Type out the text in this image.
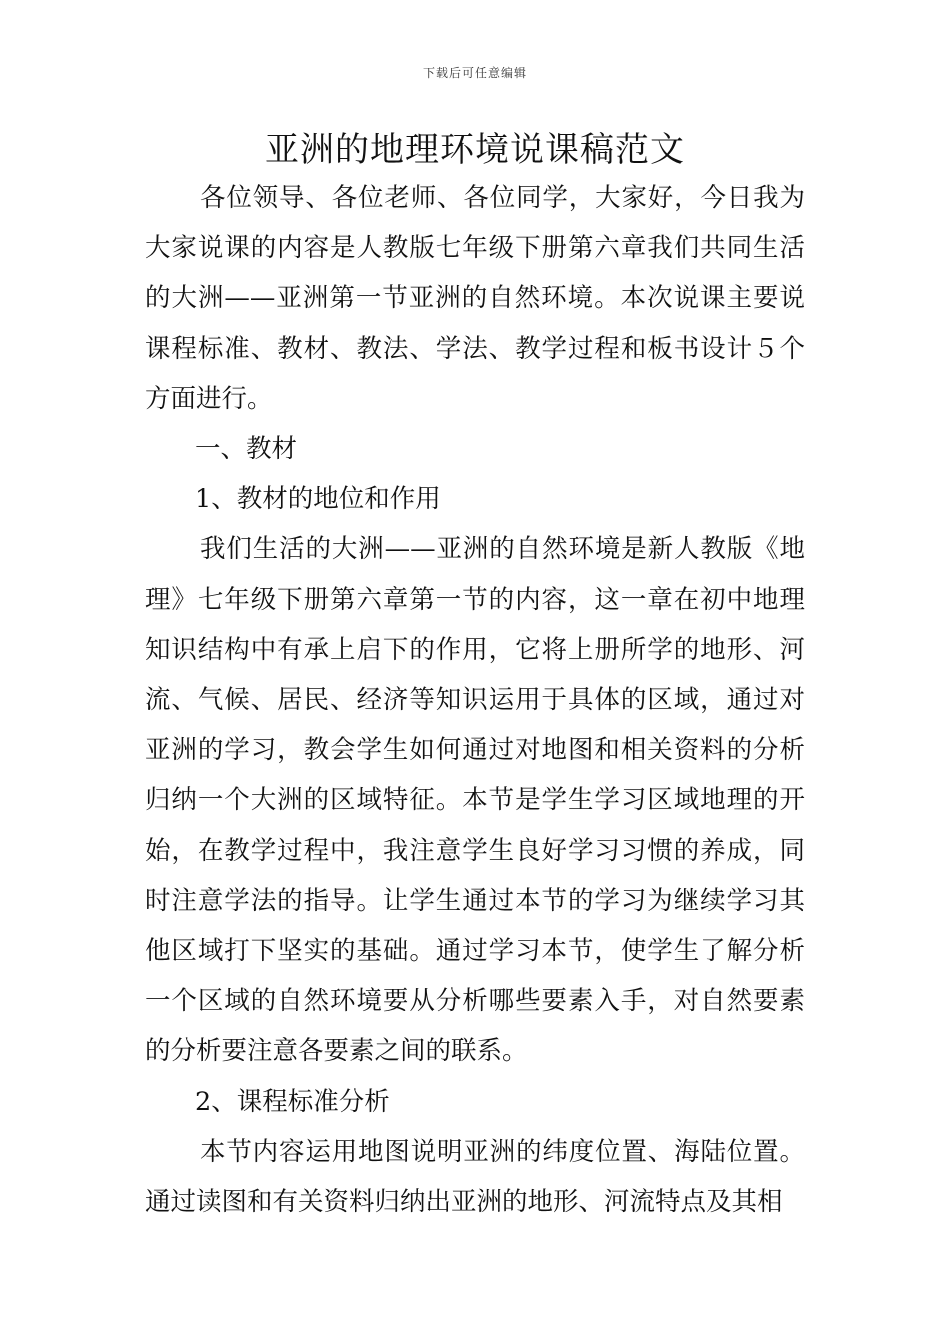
下载后可任意编辑
亚洲的地理环境说课稿范文

各位领导、各位老师、各位同学，大家好，今日我为大家说课的内容是人教版七年级下册第六章我们共同生活的大洲——亚洲第一节亚洲的自然环境。本次说课主要说课程标准、教材、教法、学法、教学过程和板书设计５个方面进行。

一、教材

1、教材的地位和作用

我们生活的大洲——亚洲的自然环境是新人教版《地理》七年级下册第六章第一节的内容，这一章在初中地理知识结构中有承上启下的作用，它将上册所学的地形、河流、气候、居民、经济等知识运用于具体的区域，通过对亚洲的学习，教会学生如何通过对地图和相关资料的分析归纳一个大洲的区域特征。本节是学生学习区域地理的开始，在教学过程中，我注意学生良好学习习惯的养成，同时注意学法的指导。让学生通过本节的学习为继续学习其他区域打下坚实的基础。通过学习本节，使学生了解分析一个区域的自然环境要从分析哪些要素入手，对自然要素的分析要注意各要素之间的联系。

2、课程标准分析

本节内容运用地图说明亚洲的纬度位置、海陆位置。通过读图和有关资料归纳出亚洲的地形、河流特点及其相
